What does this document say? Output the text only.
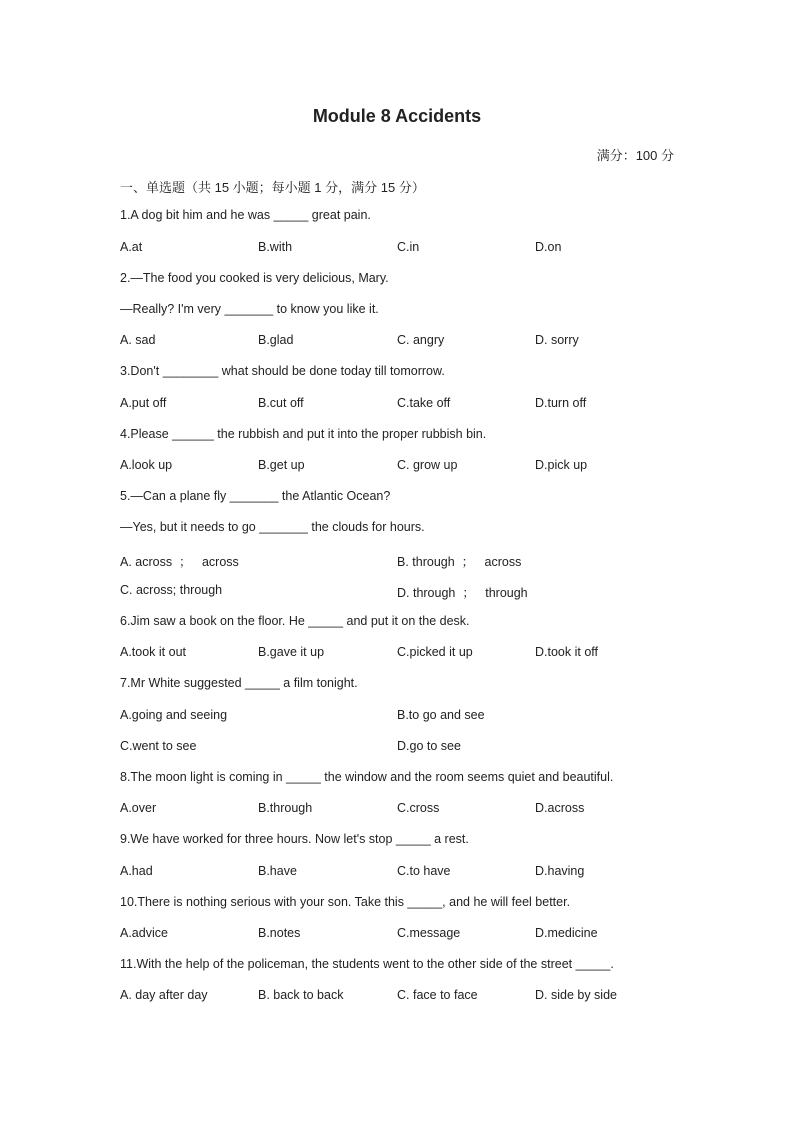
Module 8 Accidents
满分：100 分
一、单选题（共 15 小题；每小题 1 分，满分 15 分）
1.A dog bit him and he was _____ great pain.
A.at	B.with	C.in	D.on
2.—The food you cooked is very delicious, Mary.
—Really? I'm very _______ to know you like it.
A. sad	B.glad	C. angry	D. sorry
3.Don't ________ what should be done today till tomorrow.
A.put off	B.cut off	C.take off	D.turn off
4.Please ______ the rubbish and put it into the proper rubbish bin.
A.look up	B.get up	C. grow up	D.pick up
5.—Can a plane fly _______ the Atlantic Ocean?
—Yes, but it needs to go _______ the clouds for hours.
A. across  ；   across	B. through  ；   across
C. across; through	D. through  ；   through
6.Jim saw a book on the floor. He _____ and put it on the desk.
A.took it out	B.gave it up	C.picked it up	D.took it off
7.Mr White suggested _____ a film tonight.
A.going and seeing	B.to go and see
C.went to see	D.go to see
8.The moon light is coming in _____ the window and the room seems quiet and beautiful.
A.over	B.through	C.cross	D.across
9.We have worked for three hours. Now let's stop _____ a rest.
A.had	B.have	C.to have	D.having
10.There is nothing serious with your son. Take this _____, and he will feel better.
A.advice	B.notes	C.message	D.medicine
11.With the help of the policeman, the students went to the other side of the street _____.
A. day after day	B. back to back	C. face to face	D. side by side
